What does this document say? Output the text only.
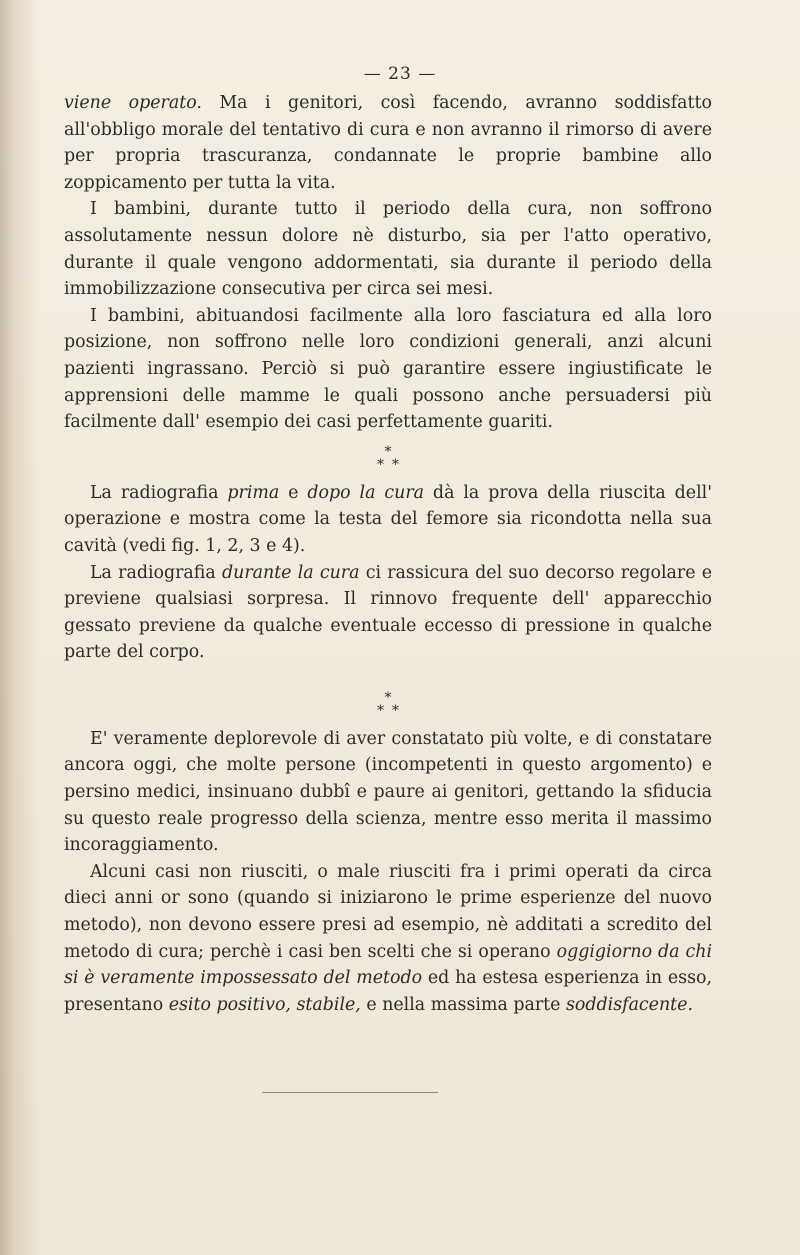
— 23 —

viene operato. Ma i genitori, così facendo, avranno soddisfatto all'obbligo morale del tentativo di cura e non avranno il rimorso di avere per propria trascuranza, condannate le proprie bambine allo zoppicamento per tutta la vita.

I bambini, durante tutto il periodo della cura, non soffrono assolutamente nessun dolore nè disturbo, sia per l'atto operativo, durante il quale vengono addormentati, sia durante il periodo della immobilizzazione consecutiva per circa sei mesi.

I bambini, abituandosi facilmente alla loro fasciatura ed alla loro posizione, non soffrono nelle loro condizioni generali, anzi alcuni pazienti ingrassano. Perciò si può garantire essere ingiustificate le apprensioni delle mamme le quali possono anche persuadersi più facilmente dall' esempio dei casi perfettamente guariti.

*
* *

La radiografia prima e dopo la cura dà la prova della riuscita dell' operazione e mostra come la testa del femore sia ricondotta nella sua cavità (vedi fig. 1, 2, 3 e 4).

La radiografia durante la cura ci rassicura del suo decorso regolare e previene qualsiasi sorpresa. Il rinnovo frequente dell' apparecchio gessato previene da qualche eventuale eccesso di pressione in qualche parte del corpo.

*
* *

E' veramente deplorevole di aver constatato più volte, e di constatare ancora oggi, che molte persone (incompetenti in questo argomento) e persino medici, insinuano dubbî e paure ai genitori, gettando la sfiducia su questo reale progresso della scienza, mentre esso merita il massimo incoraggiamento.

Alcuni casi non riusciti, o male riusciti fra i primi operati da circa dieci anni or sono (quando si iniziarono le prime esperienze del nuovo metodo), non devono essere presi ad esempio, nè additati a scredito del metodo di cura; perchè i casi ben scelti che si operano oggigiorno da chi si è veramente impossessato del metodo ed ha estesa esperienza in esso, presentano esito positivo, stabile, e nella massima parte soddisfacente.
